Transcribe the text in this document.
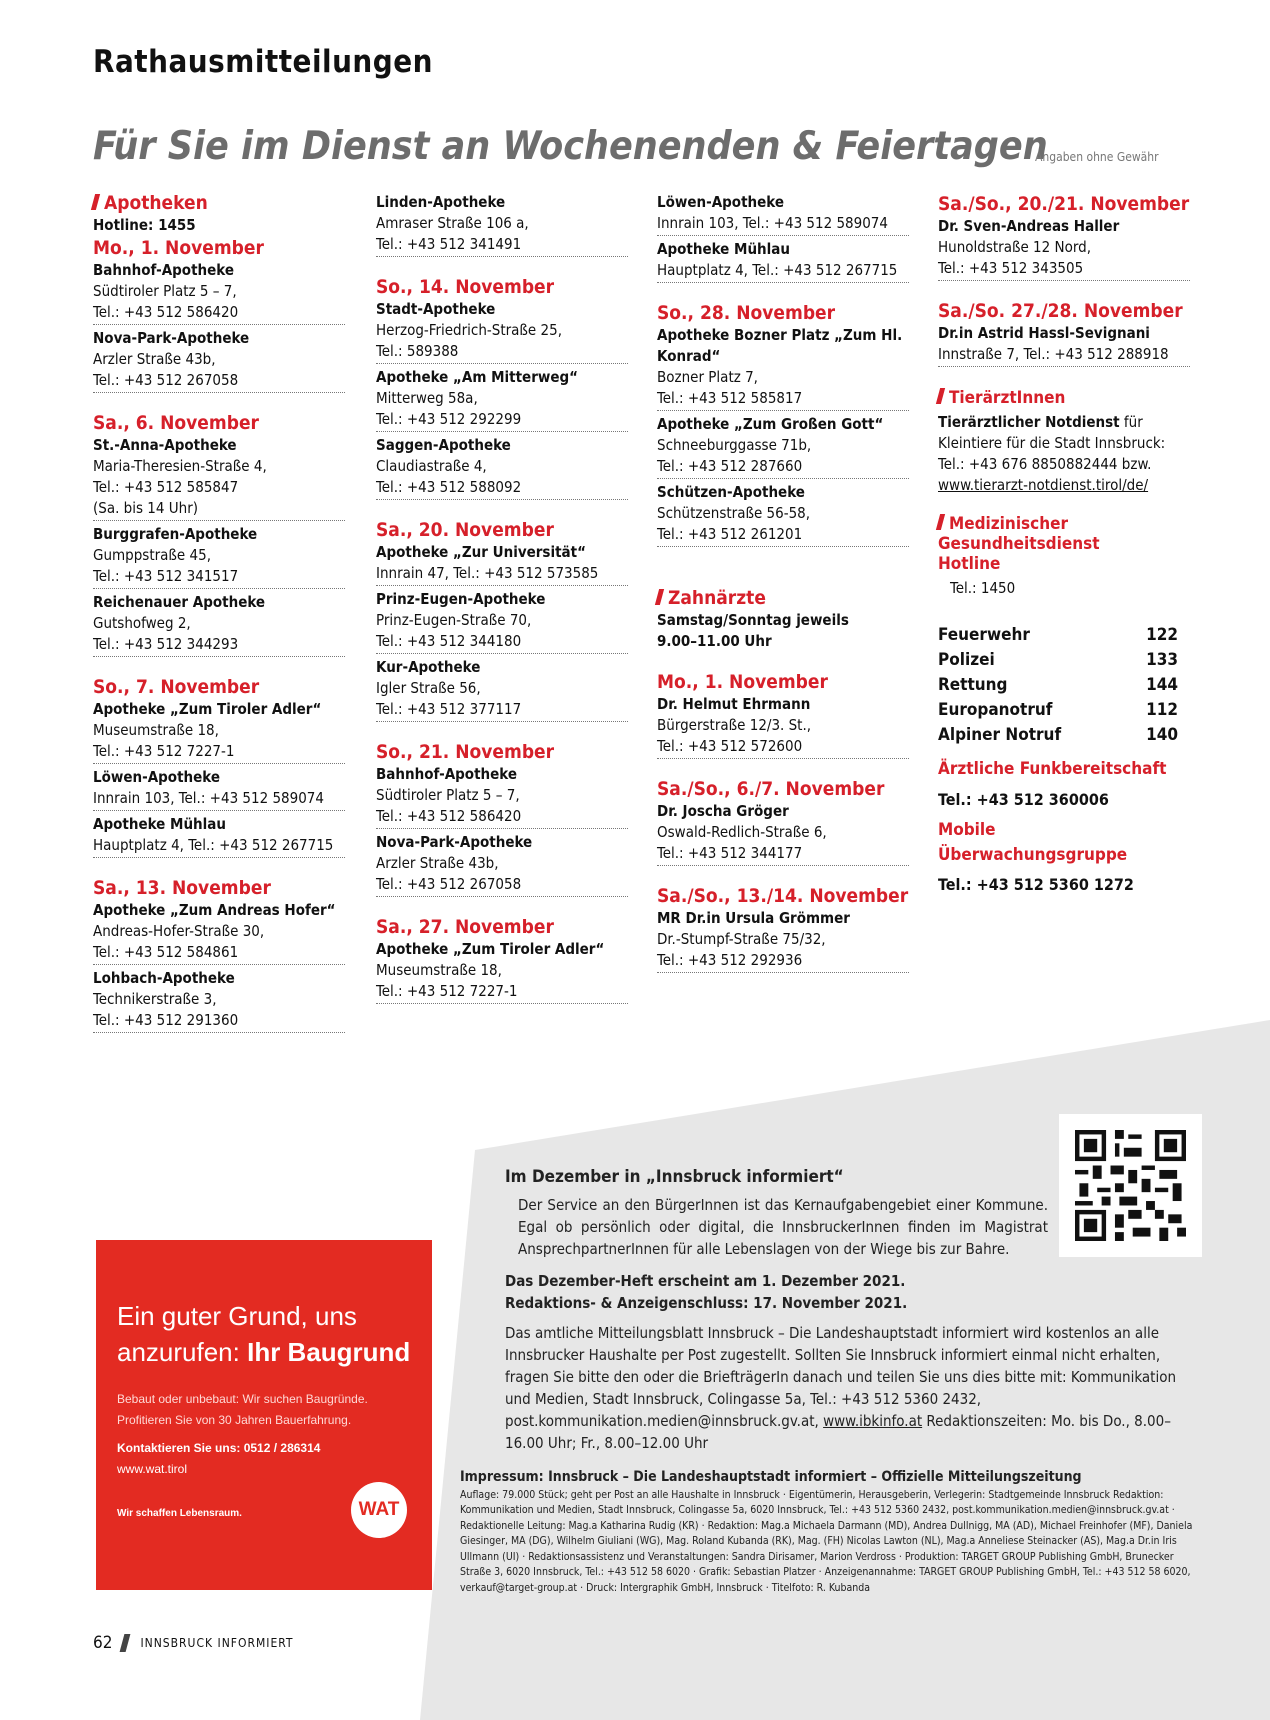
Rathausmitteilungen
Für Sie im Dienst an Wochenenden & Feiertagen
Angaben ohne Gewähr
Apotheken
Hotline: 1455
Mo., 1. November
Bahnhof-Apotheke
Südtiroler Platz 5 – 7,
Tel.: +43 512 586420
Nova-Park-Apotheke
Arzler Straße 43b,
Tel.: +43 512 267058
Sa., 6. November
St.-Anna-Apotheke
Maria-Theresien-Straße 4,
Tel.: +43 512 585847
(Sa. bis 14 Uhr)
Burggrafen-Apotheke
Gumppstraße 45,
Tel.: +43 512 341517
Reichenauer Apotheke
Gutshofweg 2,
Tel.: +43 512 344293
So., 7. November
Apotheke „Zum Tiroler Adler“
Museumstraße 18,
Tel.: +43 512 7227-1
Löwen-Apotheke
Innrain 103, Tel.: +43 512 589074
Apotheke Mühlau
Hauptplatz 4, Tel.: +43 512 267715
Sa., 13. November
Apotheke „Zum Andreas Hofer“
Andreas-Hofer-Straße 30,
Tel.: +43 512 584861
Lohbach-Apotheke
Technikerstraße 3,
Tel.: +43 512 291360
Linden-Apotheke
Amraser Straße 106 a,
Tel.: +43 512 341491
So., 14. November
Stadt-Apotheke
Herzog-Friedrich-Straße 25,
Tel.: 589388
Apotheke „Am Mitterweg“
Mitterweg 58a,
Tel.: +43 512 292299
Saggen-Apotheke
Claudiastraße 4,
Tel.: +43 512 588092
Sa., 20. November
Apotheke „Zur Universität“
Innrain 47, Tel.: +43 512 573585
Prinz-Eugen-Apotheke
Prinz-Eugen-Straße 70,
Tel.: +43 512 344180
Kur-Apotheke
Igler Straße 56,
Tel.: +43 512 377117
So., 21. November
Bahnhof-Apotheke
Südtiroler Platz 5 – 7,
Tel.: +43 512 586420
Nova-Park-Apotheke
Arzler Straße 43b,
Tel.: +43 512 267058
Sa., 27. November
Apotheke „Zum Tiroler Adler“
Museumstraße 18,
Tel.: +43 512 7227-1
Löwen-Apotheke
Innrain 103, Tel.: +43 512 589074
Apotheke Mühlau
Hauptplatz 4, Tel.: +43 512 267715
So., 28. November
Apotheke Bozner Platz „Zum Hl. Konrad“
Bozner Platz 7,
Tel.: +43 512 585817
Apotheke „Zum Großen Gott“
Schneeburggasse 71b,
Tel.: +43 512 287660
Schützen-Apotheke
Schützenstraße 56-58,
Tel.: +43 512 261201
Zahnärzte
Samstag/Sonntag jeweils 9.00–11.00 Uhr
Mo., 1. November
Dr. Helmut Ehrmann
Bürgerstraße 12/3. St.,
Tel.: +43 512 572600
Sa./So., 6./7. November
Dr. Joscha Gröger
Oswald-Redlich-Straße 6,
Tel.: +43 512 344177
Sa./So., 13./14. November
MR Dr.in Ursula Grömmer
Dr.-Stumpf-Straße 75/32,
Tel.: +43 512 292936
Sa./So., 20./21. November
Dr. Sven-Andreas Haller
Hunoldstraße 12 Nord,
Tel.: +43 512 343505
Sa./So. 27./28. November
Dr.in Astrid Hassl-Sevignani
Innstraße 7, Tel.: +43 512 288918
TierärztInnen
Tierärztlicher Notdienst für Kleintiere für die Stadt Innsbruck:
Tel.: +43 676 8850882444 bzw.
www.tierarzt-notdienst.tirol/de/
Medizinischer Gesundheitsdienst Hotline
Tel.: 1450
Feuerwehr	122
Polizei	133
Rettung	144
Europanotruf	112
Alpiner Notruf	140
Ärztliche Funkbereitschaft
Tel.: +43 512 360006
Mobile Überwachungsgruppe
Tel.: +43 512 5360 1272
Im Dezember in „Innsbruck informiert“

Der Service an den BürgerInnen ist das Kernaufgabengebiet einer Kommune. Egal ob persönlich oder digital, die InnsbruckerInnen finden im Magistrat AnsprechpartnerInnen für alle Lebenslagen von der Wiege bis zur Bahre.

Das Dezember-Heft erscheint am 1. Dezember 2021.
Redaktions- & Anzeigenschluss: 17. November 2021.

Das amtliche Mitteilungsblatt Innsbruck – Die Landeshauptstadt informiert wird kostenlos an alle Innsbrucker Haushalte per Post zugestellt. Sollten Sie Innsbruck informiert einmal nicht erhalten, fragen Sie bitte den oder die BriefträgerIn danach und teilen Sie uns dies bitte mit: Kommunikation und Medien, Stadt Innsbruck, Colingasse 5a, Tel.: +43 512 5360 2432, post.kommunikation.medien@innsbruck.gv.at, www.ibkinfo.at Redaktionszeiten: Mo. bis Do., 8.00–16.00 Uhr; Fr., 8.00–12.00 Uhr

Impressum: Innsbruck – Die Landeshauptstadt informiert – Offizielle Mitteilungszeitung
Auflage: 79.000 Stück; geht per Post an alle Haushalte in Innsbruck · Eigentümerin, Herausgeberin, Verlegerin: Stadtgemeinde Innsbruck Redaktion: Kommunikation und Medien, Stadt Innsbruck, Colingasse 5a, 6020 Innsbruck, Tel.: +43 512 5360 2432, post.kommunikation.medien@innsbruck.gv.at · Redaktionelle Leitung: Mag.a Katharina Rudig (KR) · Redaktion: Mag.a Michaela Darmann (MD), Andrea Dullnigg, MA (AD), Michael Freinhofer (MF), Daniela Giesinger, MA (DG), Wilhelm Giuliani (WG), Mag. Roland Kubanda (RK), Mag. (FH) Nicolas Lawton (NL), Mag.a Anneliese Steinacker (AS), Mag.a Dr.in Iris Ullmann (UI) · Redaktionsassistenz und Veranstaltungen: Sandra Dirisamer, Marion Verdross · Produktion: TARGET GROUP Publishing GmbH, Brunecker Straße 3, 6020 Innsbruck, Tel.: +43 512 58 6020 · Grafik: Sebastian Platzer · Anzeigenannahme: TARGET GROUP Publishing GmbH, Tel.: +43 512 58 6020, verkauf@target-group.at · Druck: Intergraphik GmbH, Innsbruck · Titelfoto: R. Kubanda
Ein guter Grund, uns anzurufen: Ihr Baugrund
Bebaut oder unbebaut: Wir suchen Baugründe. Profitieren Sie von 30 Jahren Bauerfahrung.
Kontaktieren Sie uns: 0512 / 286314
www.wat.tirol
Wir schaffen Lebensraum.	WAT
62 INNSBRUCK INFORMIERT
